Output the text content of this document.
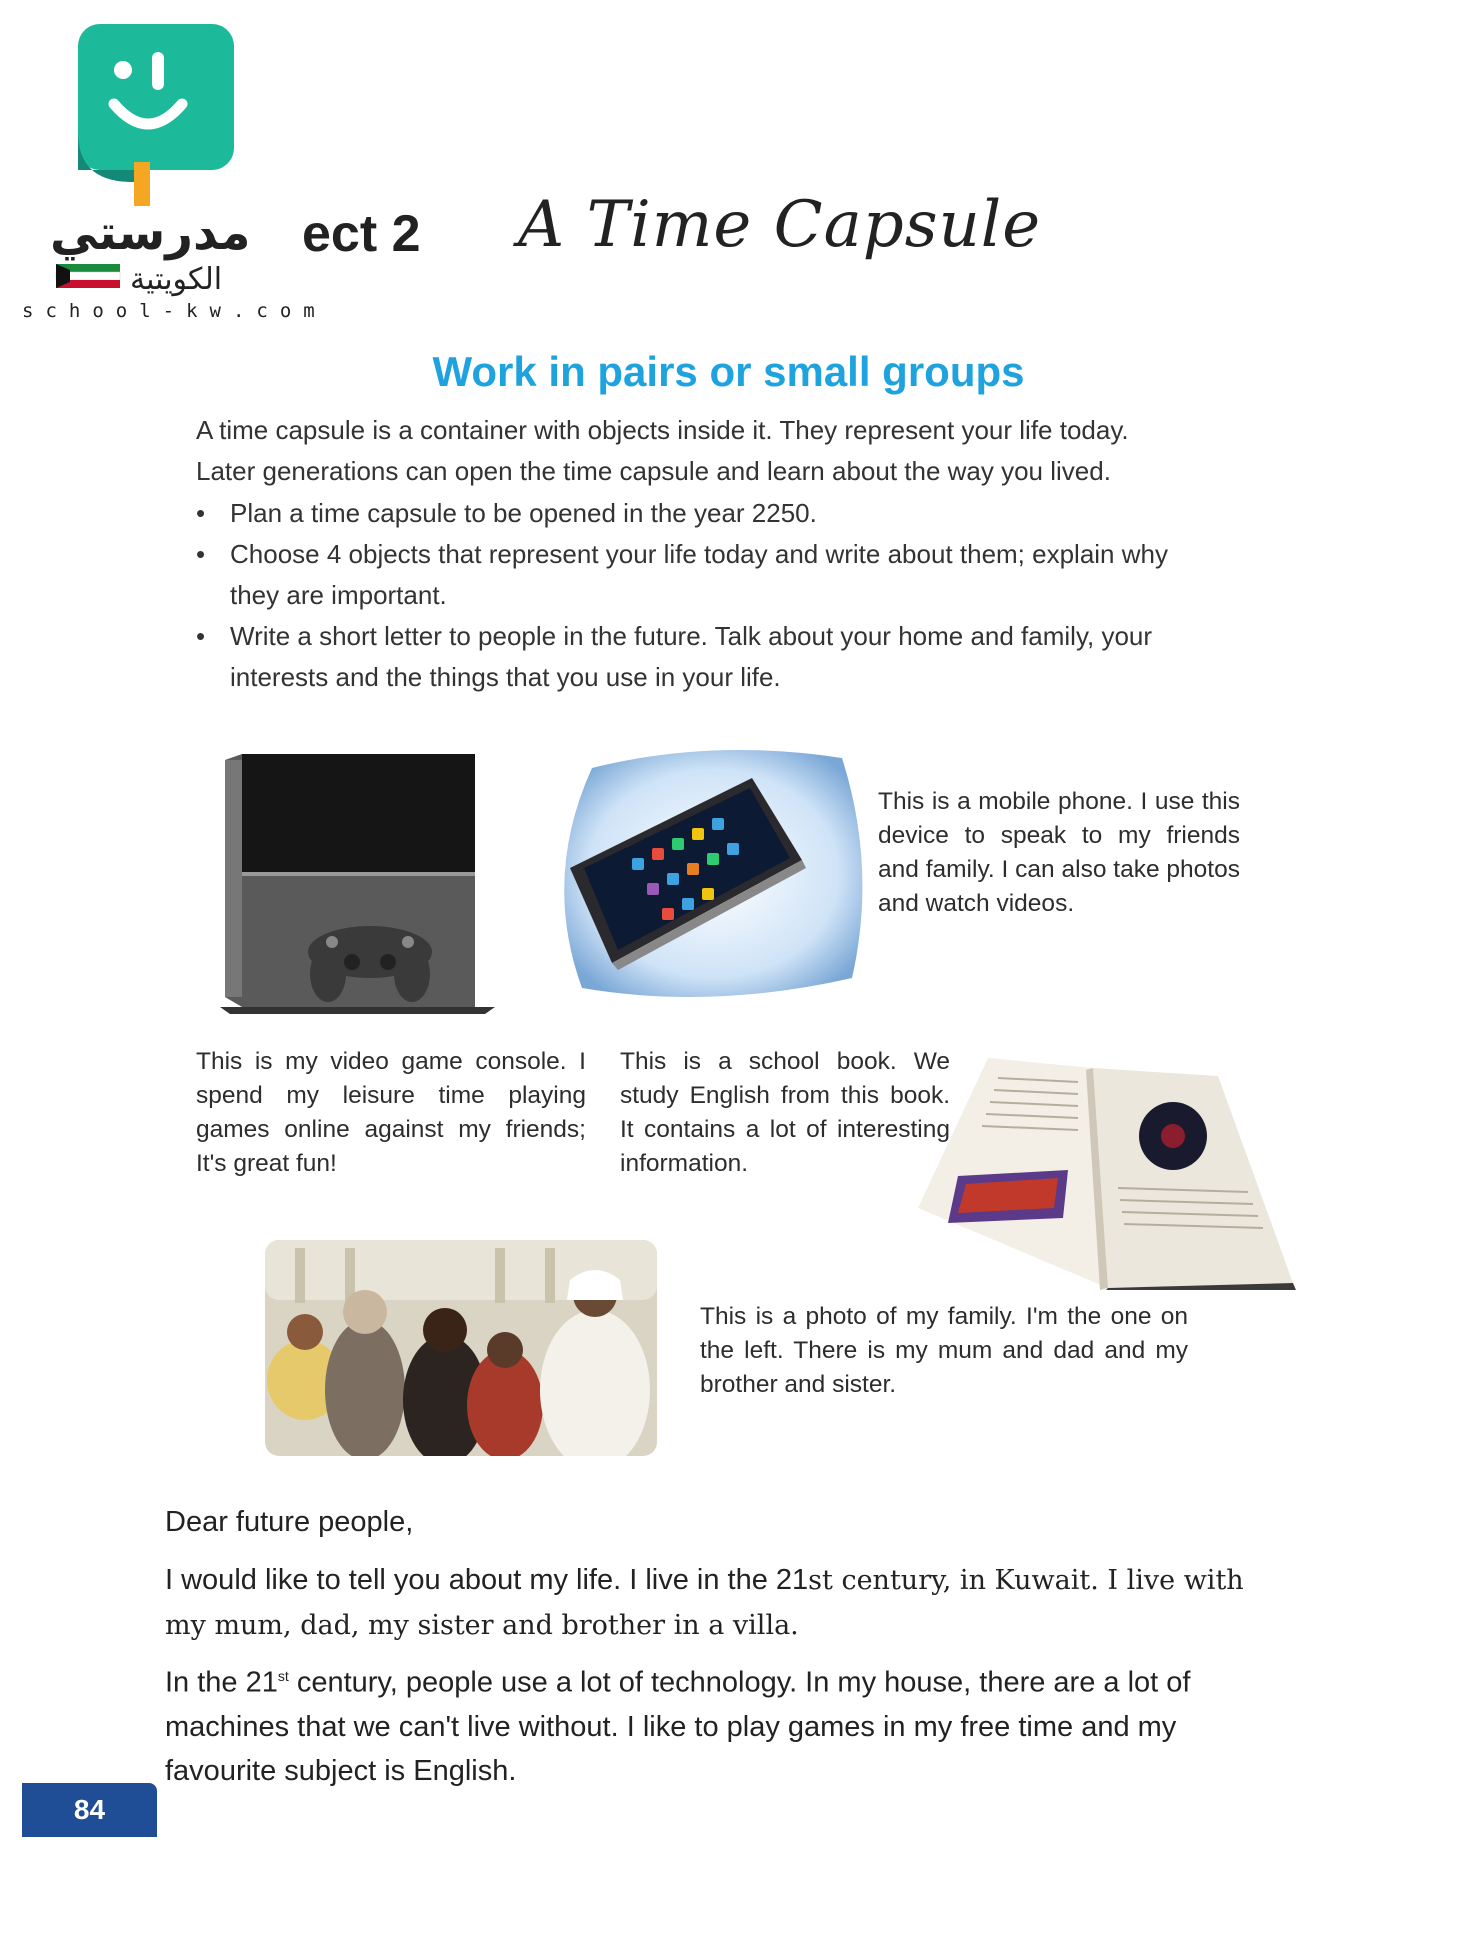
مدرستي
الكويتية
school-kw.com
ect 2 A Time Capsule
Work in pairs or small groups
A time capsule is a container with objects inside it. They represent your life today.
Later generations can open the time capsule and learn about the way you lived.
• Plan a time capsule to be opened in the year 2250.
• Choose 4 objects that represent your life today and write about them; explain why they are important.
• Write a short letter to people in the future. Talk about your home and family, your interests and the things that you use in your life.
This is a mobile phone. I use this device to speak to my friends and family. I can also take photos and watch videos.
This is my video game console. I spend my leisure time playing games online against my friends; It's great fun!
This is a school book. We study English from this book. It contains a lot of interesting information.
This is a photo of my family. I'm the one on the left. There is my mum and dad and my brother and sister.
Dear future people,
I would like to tell you about my life. I live in the 21st century, in Kuwait. I live with my mum, dad, my sister and brother in a villa.
In the 21st century, people use a lot of technology. In my house, there are a lot of machines that we can't live without. I like to play games in my free time and my favourite subject is English.
84
